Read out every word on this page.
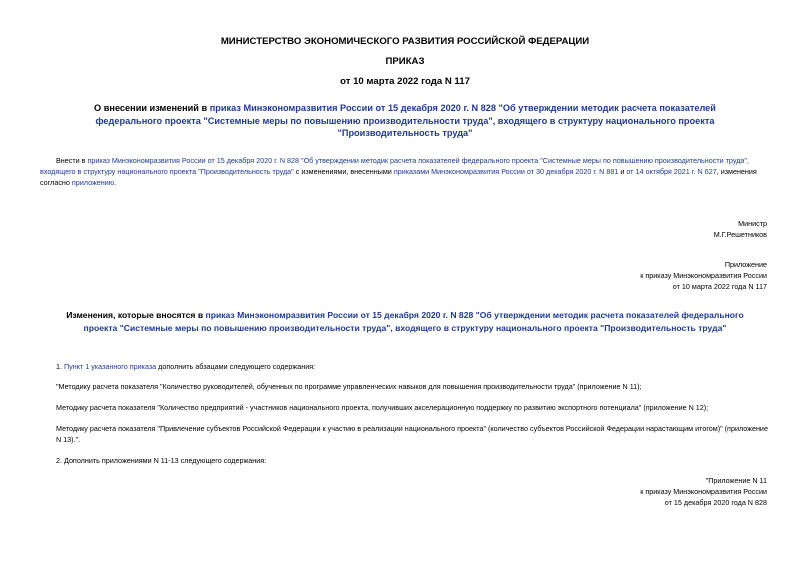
МИНИСТЕРСТВО ЭКОНОМИЧЕСКОГО РАЗВИТИЯ РОССИЙСКОЙ ФЕДЕРАЦИИ
ПРИКАЗ
от 10 марта 2022 года N 117
О внесении изменений в приказ Минэкономразвития России от 15 декабря 2020 г. N 828 "Об утверждении методик расчета показателей федерального проекта "Системные меры по повышению производительности труда", входящего в структуру национального проекта "Производительность труда"
Внести в приказ Минэкономразвития России от 15 декабря 2020 г. N 828 "Об утверждении методик расчета показателей федерального проекта "Системные меры по повышению производительности труда", входящего в структуру национального проекта "Производительность труда" с изменениями, внесенными приказами Минэкономразвития России от 30 декабря 2020 г. N 881 и от 14 октября 2021 г. N 627, изменения согласно приложению.
Министр
М.Г.Решетников
Приложение
к приказу Минэкономразвития России
от 10 марта 2022 года N 117
Изменения, которые вносятся в приказ Минэкономразвития России от 15 декабря 2020 г. N 828 "Об утверждении методик расчета показателей федерального проекта "Системные меры по повышению производительности труда", входящего в структуру национального проекта "Производительность труда"
1. Пункт 1 указанного приказа дополнить абзацами следующего содержания:
"Методику расчета показателя "Количество руководителей, обученных по программе управленческих навыков для повышения производительности труда" (приложение N 11);
Методику расчета показателя "Количество предприятий - участников национального проекта, получивших акселерационную поддержку по развитию экспортного потенциала" (приложение N 12);
Методику расчета показателя "Привлечение субъектов Российской Федерации к участию в реализации национального проекта" (количество субъектов Российской Федерации нарастающим итогом)" (приложение N 13).".
2. Дополнить приложениями N 11-13 следующего содержания:
"Приложение N 11
к приказу Минэкономразвития России
от 15 декабря 2020 года N 828
